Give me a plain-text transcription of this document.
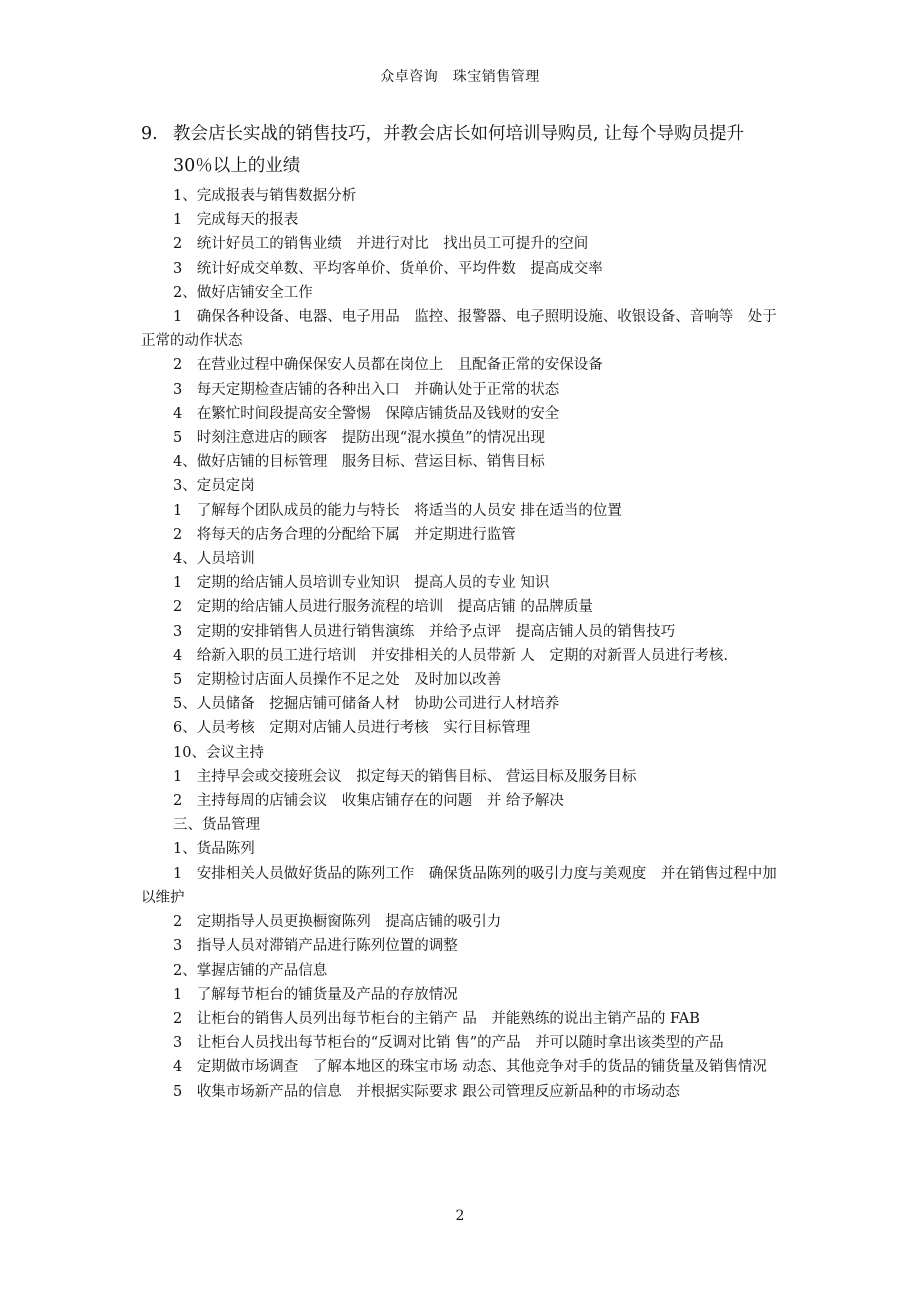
众卓咨询　珠宝销售管理
9. 教会店长实战的销售技巧，并教会店长如何培训导购员, 让每个导购员提升
30％以上的业绩
1、完成报表与销售数据分析
1　完成每天的报表
2　统计好员工的销售业绩　并进行对比　找出员工可提升的空间
3　统计好成交单数、平均客单价、货单价、平均件数　提高成交率
2、做好店铺安全工作
1　确保各种设备、电器、电子用品　监控、报警器、电子照明设施、收银设备、音响等　处于正常的动作状态
2　在营业过程中确保保安人员都在岗位上　且配备正常的安保设备
3　每天定期检查店铺的各种出入口　并确认处于正常的状态
4　在繁忙时间段提高安全警惕　保障店铺货品及钱财的安全
5　时刻注意进店的顾客　提防出现“混水摸鱼”的情况出现
4、做好店铺的目标管理　服务目标、营运目标、销售目标
3、定员定岗
1　了解每个团队成员的能力与特长　将适当的人员安 排在适当的位置
2　将每天的店务合理的分配给下属　并定期进行监管
4、人员培训
1　定期的给店铺人员培训专业知识　提高人员的专业 知识
2　定期的给店铺人员进行服务流程的培训　提高店铺 的品牌质量
3　定期的安排销售人员进行销售演练　并给予点评　提高店铺人员的销售技巧
4　给新入职的员工进行培训　并安排相关的人员带新 人　定期的对新晋人员进行考核.
5　定期检讨店面人员操作不足之处　及时加以改善
5、人员储备　挖掘店铺可储备人材　协助公司进行人材培养
6、人员考核　定期对店铺人员进行考核　实行目标管理
10、会议主持
1　主持早会或交接班会议　拟定每天的销售目标、 营运目标及服务目标
2　主持每周的店铺会议　收集店铺存在的问题　并 给予解决
三、货品管理
1、货品陈列
1　安排相关人员做好货品的陈列工作　确保货品陈列的吸引力度与美观度　并在销售过程中加以维护
2　定期指导人员更换橱窗陈列　提高店铺的吸引力
3　指导人员对滞销产品进行陈列位置的调整
2、掌握店铺的产品信息
1　了解每节柜台的铺货量及产品的存放情况
2　让柜台的销售人员列出每节柜台的主销产 品　并能熟练的说出主销产品的 FAB
3　让柜台人员找出每节柜台的“反调对比销 售”的产品　并可以随时拿出该类型的产品
4　定期做市场调查　了解本地区的珠宝市场 动态、其他竞争对手的货品的铺货量及销售情况
5　收集市场新产品的信息　并根据实际要求 跟公司管理反应新品种的市场动态
2
